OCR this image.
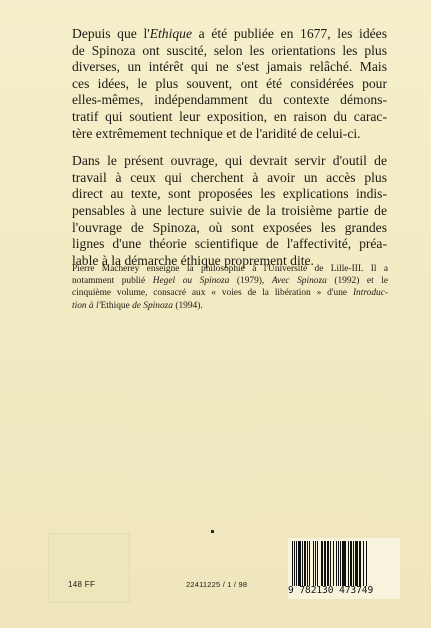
Depuis que l'Ethique a été publiée en 1677, les idées
de Spinoza ont suscité, selon les orientations les plus
diverses, un intérêt qui ne s'est jamais relâché. Mais
ces idées, le plus souvent, ont été considérées pour
elles-mêmes, indépendamment du contexte démons-
tratif qui soutient leur exposition, en raison du carac-
tère extrêmement technique et de l'aridité de celui-ci.

Dans le présent ouvrage, qui devrait servir d'outil de
travail à ceux qui cherchent à avoir un accès plus
direct au texte, sont proposées les explications indis-
pensables à une lecture suivie de la troisième partie de
l'ouvrage de Spinoza, où sont exposées les grandes
lignes d'une théorie scientifique de l'affectivité, préa-
lable à la démarche éthique proprement dite.

Pierre Macherey enseigne la philosophie à l'Université de Lille-III. Il a
notamment publié Hegel ou Spinoza (1979), Avec Spinoza (1992) et le
cinquième volume, consacré aux « voies de la libération » d'une Introduc-
tion à l'Ethique de Spinoza (1994).
148 FF	22411225 / 1 / 98
9 782130 473749
